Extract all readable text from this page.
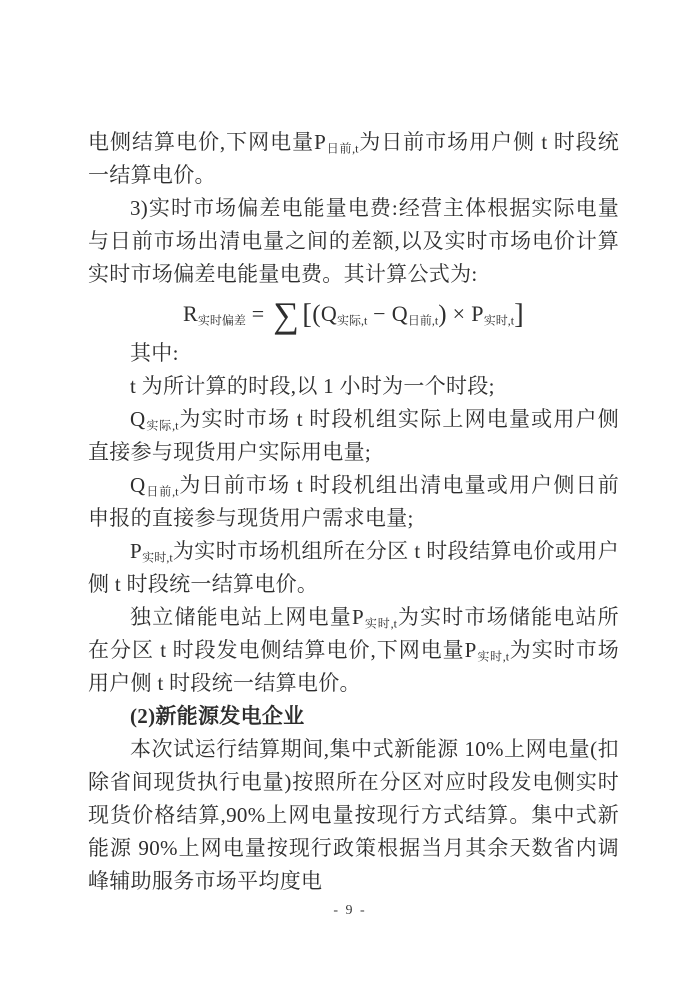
电侧结算电价,下网电量$P_{日前,t}$为日前市场用户侧 t 时段统一结算电价。

3)实时市场偏差电能量电费:经营主体根据实际电量与日前市场出清电量之间的差额,以及实时市场电价计算实时市场偏差电能量电费。其计算公式为:

$R_{实时偏差}$ = ∑ $[(Q_{实际,t} - Q_{日前,t}) \times P_{实时,t}]$

其中:

t 为所计算的时段,以 1 小时为一个时段;

$Q_{实际,t}$为实时市场 t 时段机组实际上网电量或用户侧直接参与现货用户实际用电量;

$Q_{日前,t}$为日前市场 t 时段机组出清电量或用户侧日前申报的直接参与现货用户需求电量;

$P_{实时,t}$为实时市场机组所在分区 t 时段结算电价或用户侧 t 时段统一结算电价。

独立储能电站上网电量$P_{实时,t}$为实时市场储能电站所在分区 t 时段发电侧结算电价,下网电量$P_{实时,t}$为实时市场用户侧 t 时段统一结算电价。

(2)新能源发电企业

本次试运行结算期间,集中式新能源 10%上网电量(扣除省间现货执行电量)按照所在分区对应时段发电侧实时现货价格结算,90%上网电量按现行方式结算。集中式新能源 90%上网电量按现行政策根据当月其余天数省内调峰辅助服务市场平均度电

- 9 -
